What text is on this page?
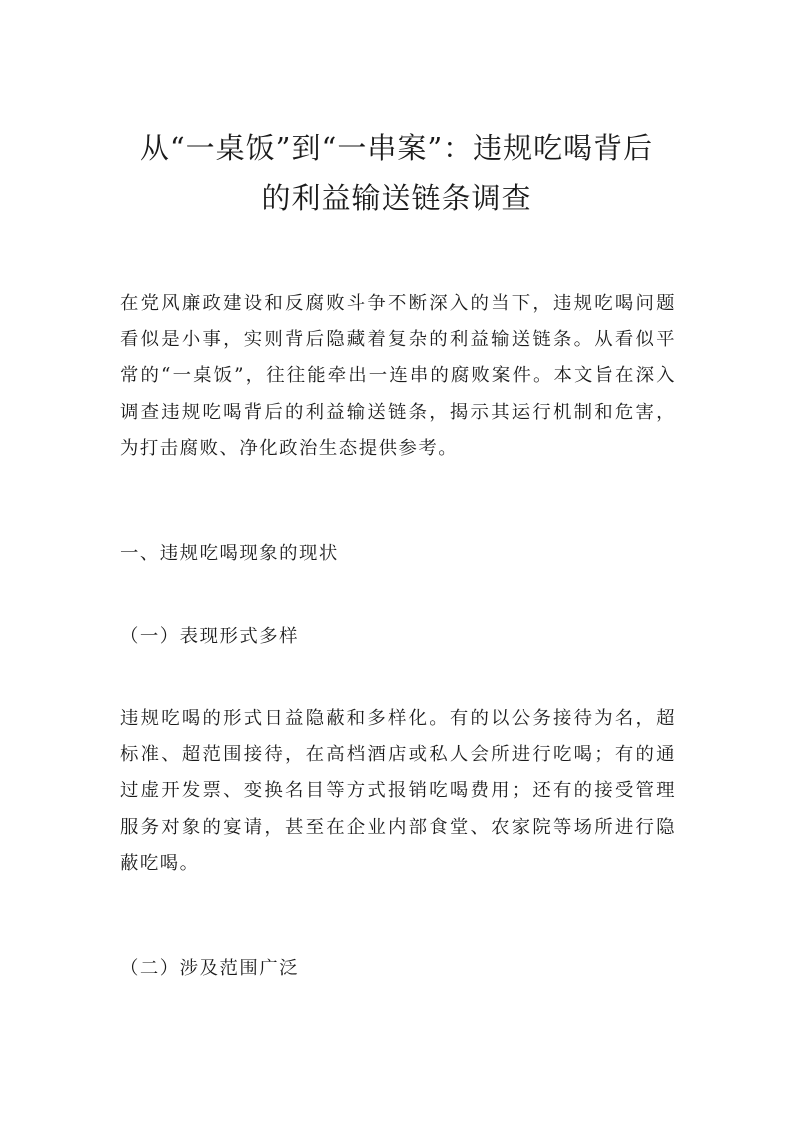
从“一桌饭”到“一串案”：违规吃喝背后
的利益输送链条调查

在党风廉政建设和反腐败斗争不断深入的当下，违规吃喝问题看似是小事，实则背后隐藏着复杂的利益输送链条。从看似平常的“一桌饭”，往往能牵出一连串的腐败案件。本文旨在深入调查违规吃喝背后的利益输送链条，揭示其运行机制和危害，为打击腐败、净化政治生态提供参考。

一、违规吃喝现象的现状

（一）表现形式多样

违规吃喝的形式日益隐蔽和多样化。有的以公务接待为名，超标准、超范围接待，在高档酒店或私人会所进行吃喝；有的通过虚开发票、变换名目等方式报销吃喝费用；还有的接受管理服务对象的宴请，甚至在企业内部食堂、农家院等场所进行隐蔽吃喝。

（二）涉及范围广泛
